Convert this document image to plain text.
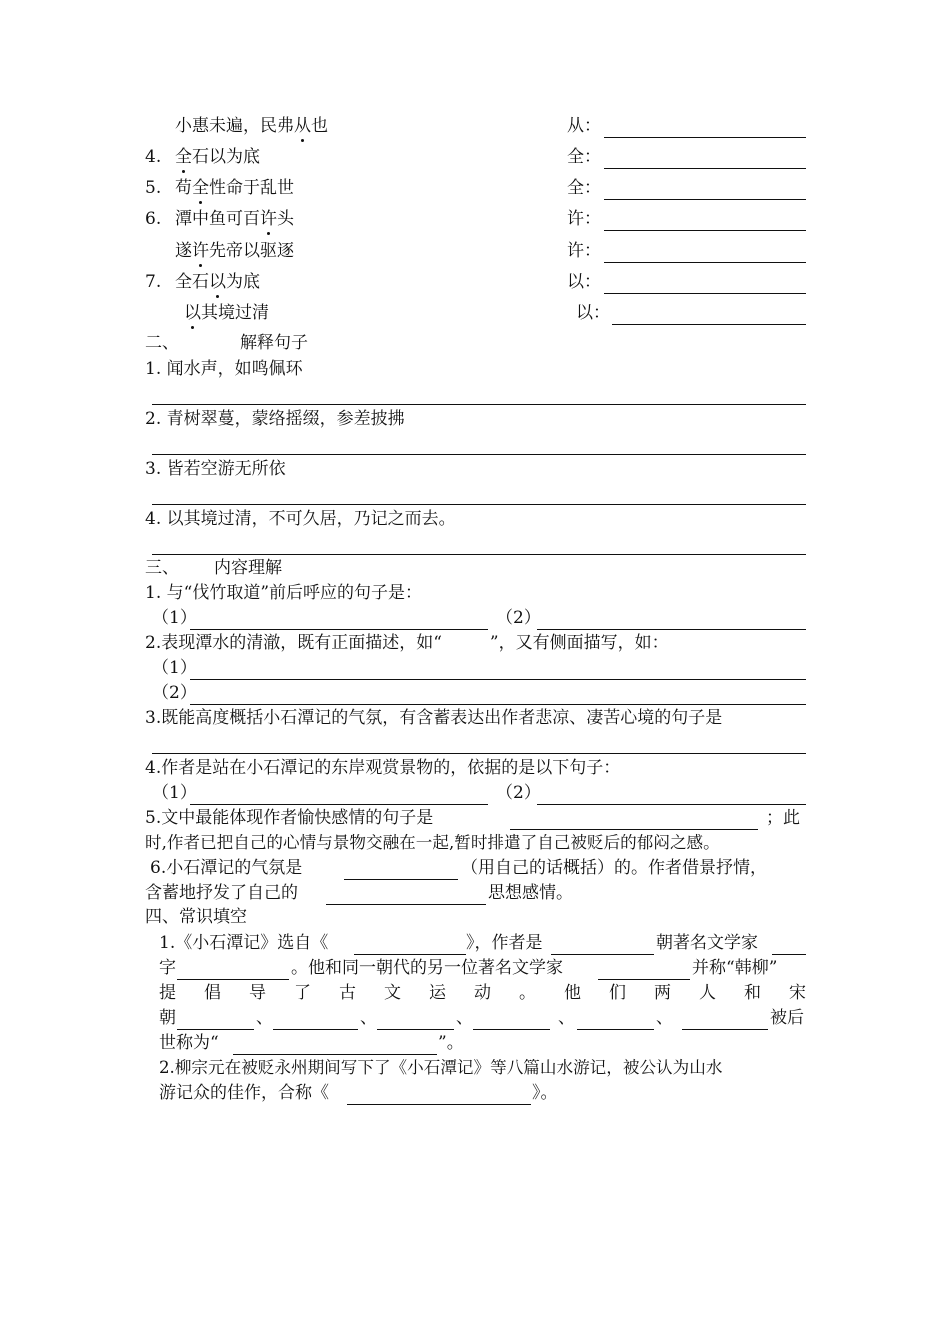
小惠未遍，民弗从也	从：
4. 全石以为底	全：
5. 苟全性命于乱世	全：
6. 潭中鱼可百许头	许：
遂许先帝以驱逐	许：
7. 全石以为底	以：
以其境过清	以：
二、	解释句子
1. 闻水声，如鸣佩环
2. 青树翠蔓，蒙络摇缀，参差披拂
3. 皆若空游无所依
4. 以其境过清，不可久居，乃记之而去。
三、 内容理解
1. 与“伐竹取道”前后呼应的句子是：
（1）	（2）
2.表现潭水的清澈，既有正面描述，如“	”，又有侧面描写，如：
（1）
（2）
3.既能高度概括小石潭记的气氛，有含蓄表达出作者悲凉、凄苦心境的句子是
4.作者是站在小石潭记的东岸观赏景物的，依据的是以下句子：
（1）	（2）
5.文中最能体现作者愉快感情的句子是	；此
时,作者已把自己的心情与景物交融在一起,暂时排遣了自己被贬后的郁闷之感。
6.小石潭记的气氛是	（用自己的话概括）的。作者借景抒情，
含蓄地抒发了自己的	思想感情。
四、常识填空
1.《小石潭记》选自《	》，作者是	朝著名文学家
字	。他和同一朝代的另一位著名文学家	并称“韩柳”
提 倡 导 了 古 文 运 动 。 他 们 两 人 和 宋
朝	、	、	、	、	、	被后
世称为“	”。
2.柳宗元在被贬永州期间写下了《小石潭记》等八篇山水游记，被公认为山水
游记众的佳作，合称《	》。
